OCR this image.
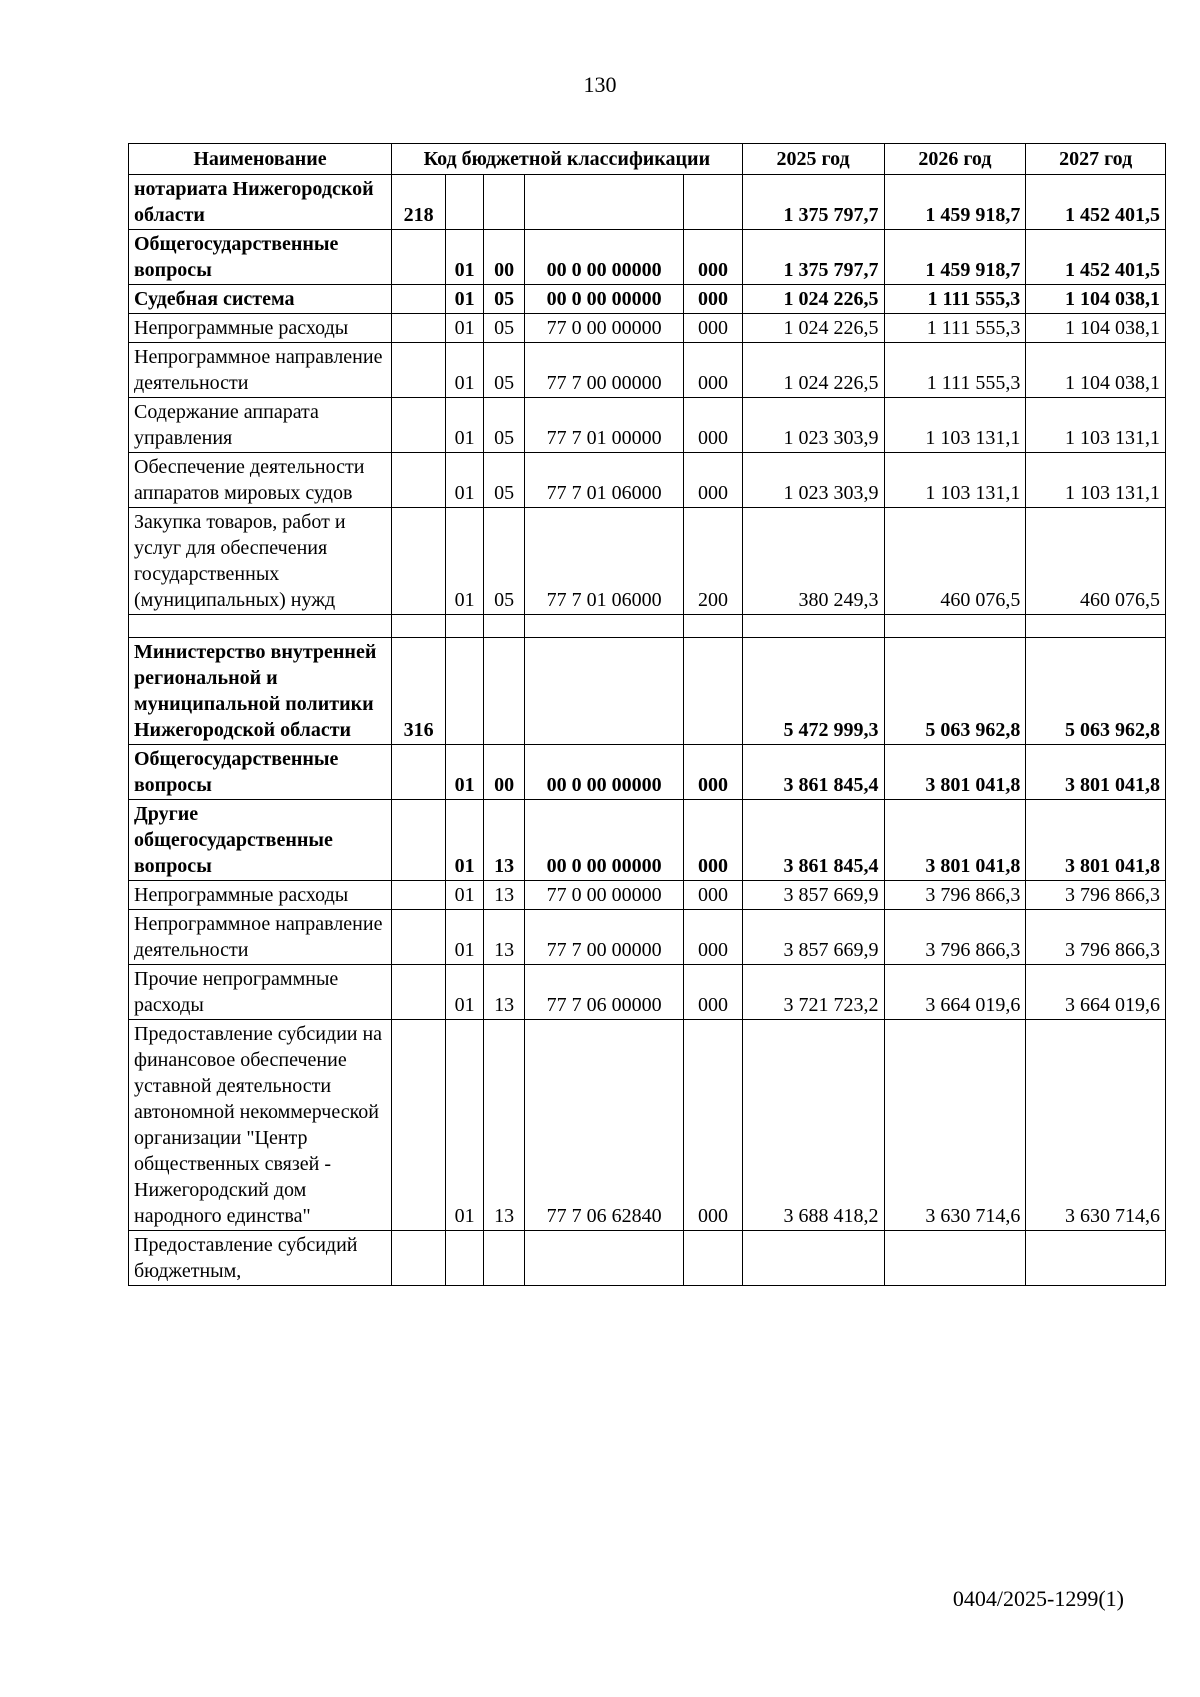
130
Наименование	Код бюджетной классификации					2025 год	2026 год	2027 год
нотариата Нижегородской области	218					1 375 797,7	1 459 918,7	1 452 401,5
Общегосударственные вопросы		01	00	00 0 00 00000	000	1 375 797,7	1 459 918,7	1 452 401,5
Судебная система		01	05	00 0 00 00000	000	1 024 226,5	1 111 555,3	1 104 038,1
Непрограммные расходы		01	05	77 0 00 00000	000	1 024 226,5	1 111 555,3	1 104 038,1
Непрограммное направление деятельности		01	05	77 7 00 00000	000	1 024 226,5	1 111 555,3	1 104 038,1
Содержание аппарата управления		01	05	77 7 01 00000	000	1 023 303,9	1 103 131,1	1 103 131,1
Обеспечение деятельности аппаратов мировых судов		01	05	77 7 01 06000	000	1 023 303,9	1 103 131,1	1 103 131,1
Закупка товаров, работ и услуг для обеспечения государственных (муниципальных) нужд		01	05	77 7 01 06000	200	380 249,3	460 076,5	460 076,5

Министерство внутренней региональной и муниципальной политики Нижегородской области	316					5 472 999,3	5 063 962,8	5 063 962,8
Общегосударственные вопросы		01	00	00 0 00 00000	000	3 861 845,4	3 801 041,8	3 801 041,8
Другие общегосударственные вопросы		01	13	00 0 00 00000	000	3 861 845,4	3 801 041,8	3 801 041,8
Непрограммные расходы		01	13	77 0 00 00000	000	3 857 669,9	3 796 866,3	3 796 866,3
Непрограммное направление деятельности		01	13	77 7 00 00000	000	3 857 669,9	3 796 866,3	3 796 866,3
Прочие непрограммные расходы		01	13	77 7 06 00000	000	3 721 723,2	3 664 019,6	3 664 019,6
Предоставление субсидии на финансовое обеспечение уставной деятельности автономной некоммерческой организации "Центр общественных связей - Нижегородский дом народного единства"		01	13	77 7 06 62840	000	3 688 418,2	3 630 714,6	3 630 714,6
Предоставление субсидий бюджетным,								
0404/2025-1299(1)
